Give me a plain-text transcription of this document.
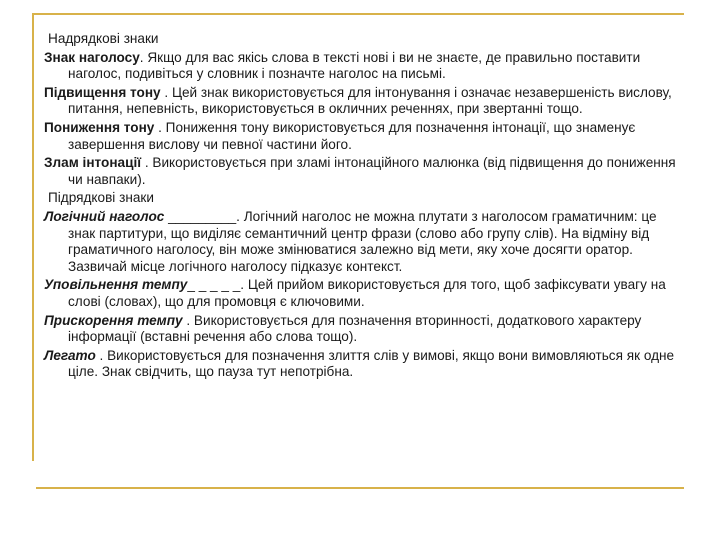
Надрядкові знаки

Знак наголосу. Якщо для вас якісь слова в тексті нові і ви не знаєте, де правильно поставити наголос, подивіться у словник і позначте наголос на письмі.

Підвищення тону . Цей знак використовується для інтонування і означає незавершеність вислову, питання, непевність, використовується в окличних реченнях, при звертанні тощо.

Пониження тону . Пониження тону використовується для позначення інтонації, що знаменує завершення вислову чи певної частини його.

Злам інтонації . Використовується при зламі інтонаційного малюнка (від підвищення до пониження чи навпаки).

Підрядкові знаки

Логічний наголос _________. Логічний наголос не можна плутати з наголосом граматичним: це знак партитури, що виділяє семантичний центр фрази (слово або групу слів). На відміну від граматичного наголосу, він може змінюватися залежно від мети, яку хоче досягти оратор. Зазвичай місце логічного наголосу підказує контекст.

Уповільнення темпу_ _ _ _ _. Цей прийом використовується для того, щоб зафіксувати увагу на слові (словах), що для промовця є ключовими.

Прискорення темпу . Використовується для позначення вторинності, додаткового характеру інформації (вставні речення або слова тощо).

Легато . Використовується для позначення злиття слів у вимові, якщо вони вимовляються як одне ціле. Знак свідчить, що пауза тут непотрібна.
